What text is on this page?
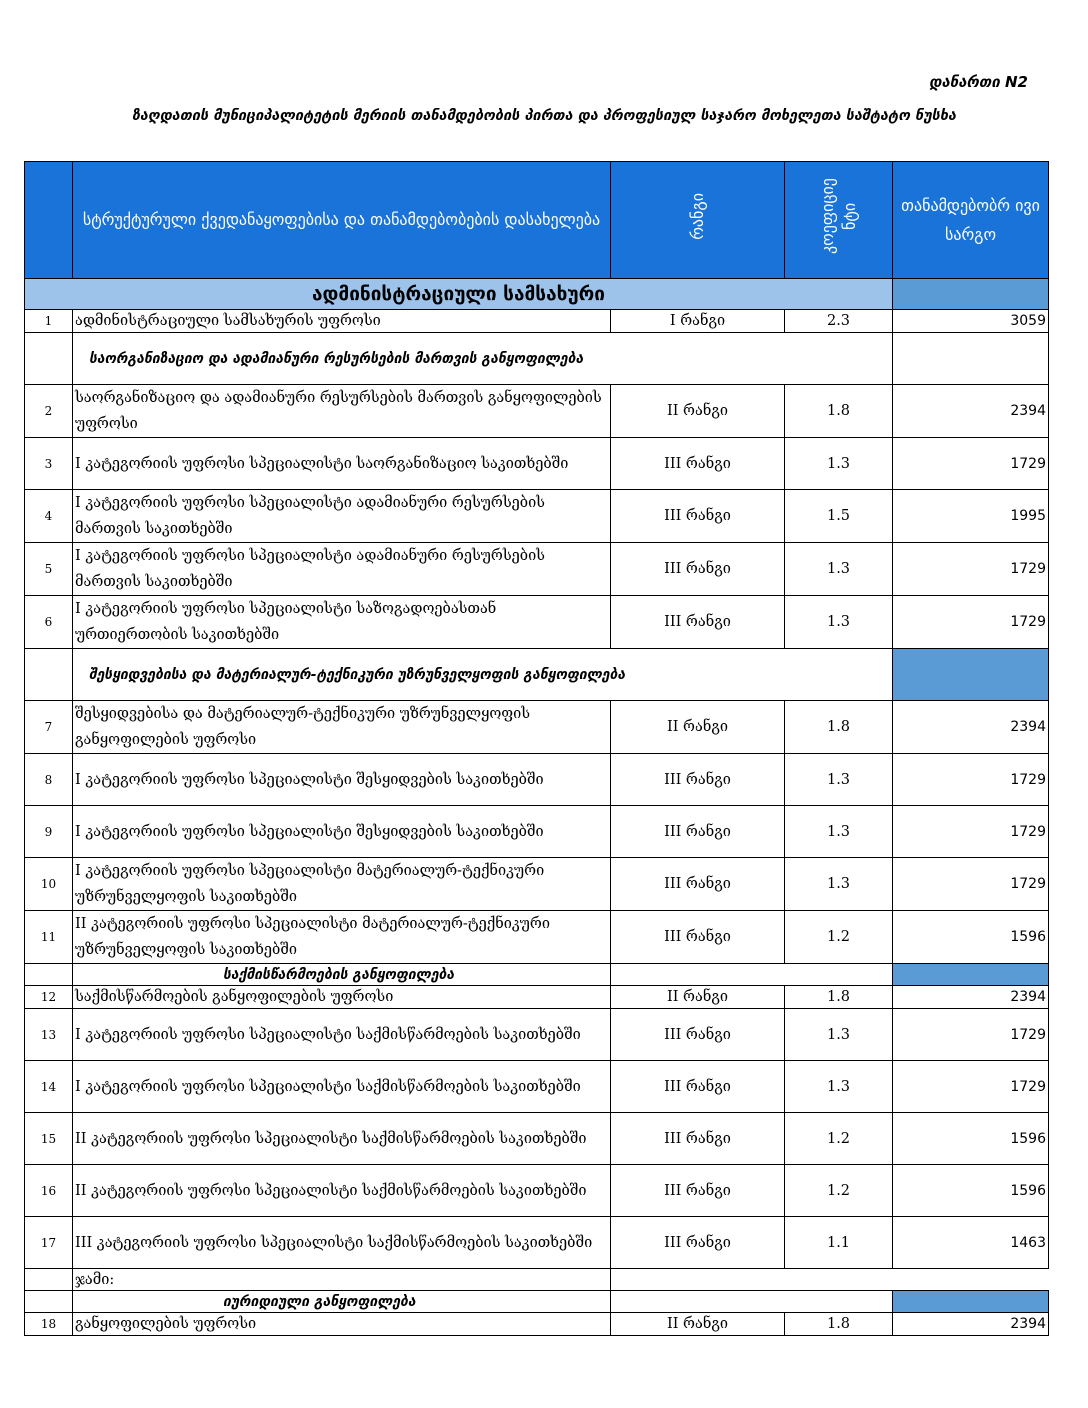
დანართი N2
ზაღდათის მუნიციპალიტეტის მერიის თანამდებობის პირთა და პროფესიულ საჯარო მოხელეთა საშტატო ნუსხა
	სტრუქტურული ქვედანაყოფებისა და თანამდებობების დასახელება	რანგი	კოეფიციე ნტი	თანამდებობრ ივი სარგო
ადმინისტრაციული სამსახური				
1	ადმინისტრაციული სამსახურის უფროსი	I რანგი	2.3	3059
	საორგანიზაციო და ადამიანური რესურსების მართვის განყოფილება			
2	საორგანიზაციო და ადამიანური რესურსების მართვის განყოფილების უფროსი	II რანგი	1.8	2394
3	I კატეგორიის უფროსი სპეციალისტი საორგანიზაციო საკითხებში	III რანგი	1.3	1729
4	I კატეგორიის უფროსი სპეციალისტი ადამიანური რესურსების მართვის საკითხებში	III რანგი	1.5	1995
5	I კატეგორიის უფროსი სპეციალისტი ადამიანური რესურსების მართვის საკითხებში	III რანგი	1.3	1729
6	I კატეგორიის უფროსი სპეციალისტი საზოგადოებასთან ურთიერთობის საკითხებში	III რანგი	1.3	1729
	შესყიდვებისა და მატერიალურ-ტექნიკური უზრუნველყოფის განყოფილება			
7	შესყიდვებისა და მატერიალურ-ტექნიკური უზრუნველყოფის განყოფილების უფროსი	II რანგი	1.8	2394
8	I კატეგორიის უფროსი სპეციალისტი შესყიდვების საკითხებში	III რანგი	1.3	1729
9	I კატეგორიის უფროსი სპეციალისტი შესყიდვების საკითხებში	III რანგი	1.3	1729
10	I კატეგორიის უფროსი სპეციალისტი მატერიალურ-ტექნიკური უზრუნველყოფის საკითხებში	III რანგი	1.3	1729
11	II კატეგორიის უფროსი სპეციალისტი მატერიალურ-ტექნიკური უზრუნველყოფის საკითხებში	III რანგი	1.2	1596
	საქმისწარმოების განყოფილება			
12	საქმისწარმოების განყოფილების უფროსი	II რანგი	1.8	2394
13	I კატეგორიის უფროსი სპეციალისტი საქმისწარმოების საკითხებში	III რანგი	1.3	1729
14	I კატეგორიის უფროსი სპეციალისტი საქმისწარმოების საკითხებში	III რანგი	1.3	1729
15	II კატეგორიის უფროსი სპეციალისტი საქმისწარმოების საკითხებში	III რანგი	1.2	1596
16	II კატეგორიის უფროსი სპეციალისტი საქმისწარმოების საკითხებში	III რანგი	1.2	1596
17	III კატეგორიის უფროსი სპეციალისტი საქმისწარმოების საკითხებში	III რანგი	1.1	1463
	ჯამი:			
	იურიდიული განყოფილება			
18	განყოფილების უფროსი	II რანგი	1.8	2394
